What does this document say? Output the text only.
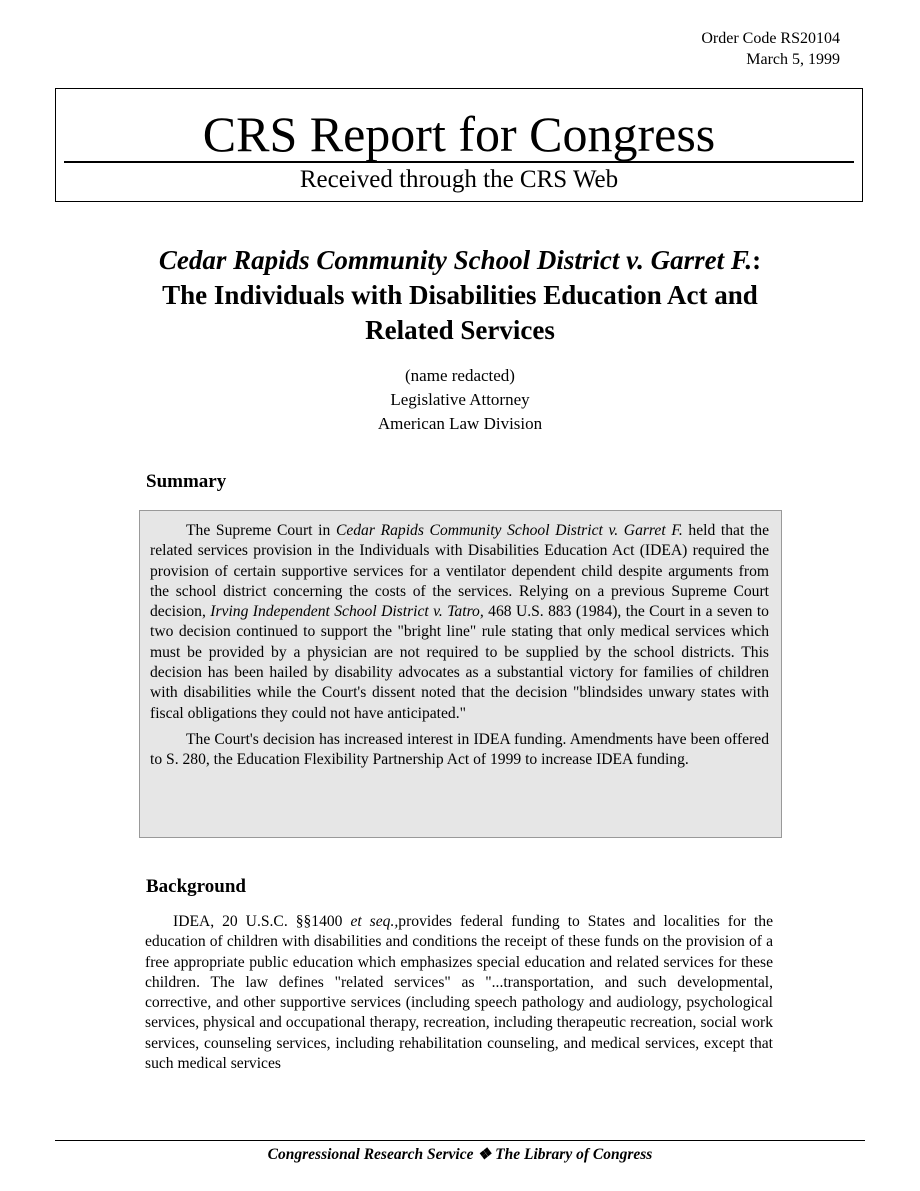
Order Code RS20104
March 5, 1999
CRS Report for Congress
Received through the CRS Web
Cedar Rapids Community School District v. Garret F.: The Individuals with Disabilities Education Act and Related Services
(name redacted)
Legislative Attorney
American Law Division
Summary

The Supreme Court in Cedar Rapids Community School District v. Garret F. held that the related services provision in the Individuals with Disabilities Education Act (IDEA) required the provision of certain supportive services for a ventilator dependent child despite arguments from the school district concerning the costs of the services. Relying on a previous Supreme Court decision, Irving Independent School District v. Tatro, 468 U.S. 883 (1984), the Court in a seven to two decision continued to support the "bright line" rule stating that only medical services which must be provided by a physician are not required to be supplied by the school districts. This decision has been hailed by disability advocates as a substantial victory for families of children with disabilities while the Court's dissent noted that the decision "blindsides unwary states with fiscal obligations they could not have anticipated."

The Court's decision has increased interest in IDEA funding. Amendments have been offered to S. 280, the Education Flexibility Partnership Act of 1999 to increase IDEA funding.

Background

IDEA, 20 U.S.C. §§1400 et seq.,provides federal funding to States and localities for the education of children with disabilities and conditions the receipt of these funds on the provision of a free appropriate public education which emphasizes special education and related services for these children. The law defines "related services" as "...transportation, and such developmental, corrective, and other supportive services (including speech pathology and audiology, psychological services, physical and occupational therapy, recreation, including therapeutic recreation, social work services, counseling services, including rehabilitation counseling, and medical services, except that such medical services

Congressional Research Service ❖ The Library of Congress
